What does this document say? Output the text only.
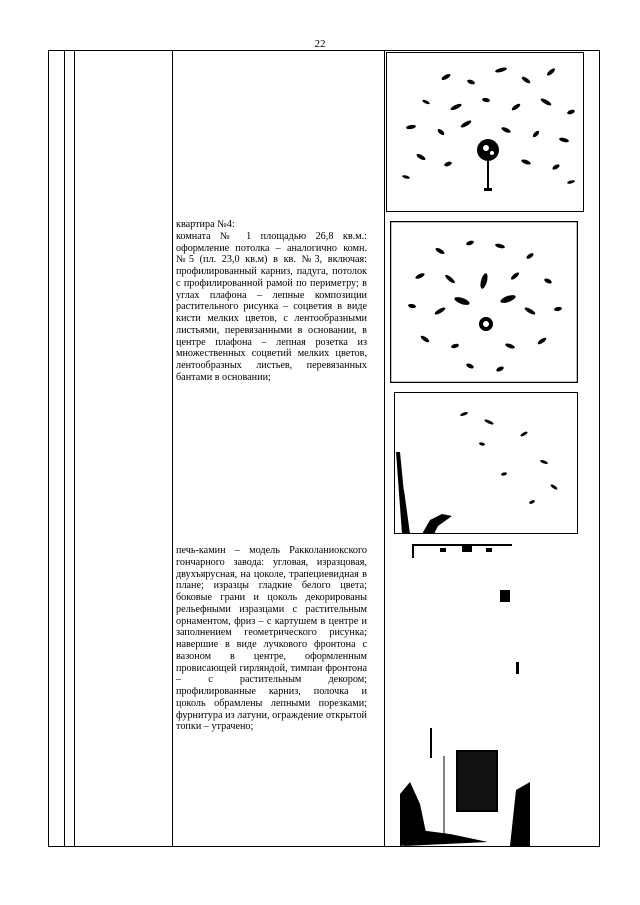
22

квартира №4:

комната № 1 площадью 26,8 кв.м.: оформление потолка – аналогично комн. №5 (пл. 23,0 кв.м) в кв. №3, включая: профилированный карниз, падуга, потолок с профилированной рамой по периметру; в углах плафона – лепные композиции растительного рисунка – соцветия в виде кисти мелких цветов, с лентообразными листьями, перевязанными в основании, в центре плафона – лепная розетка из множественных соцветий мелких цветов, лентообразных листьев, перевязанных бантами в основании;

печь-камин – модель Ракколаниокского гончарного завода: угловая, изразцовая, двухъярусная, на цоколе, трапециевидная в плане; изразцы гладкие белого цвета; боковые грани и цоколь декорированы рельефными изразцами с растительным орнаментом, фриз – с картушем в центре и заполнением геометрического рисунка; навершие в виде лучкового фронтона с вазоном в центре, оформленным провисающей гирляндой, тимпан фронтона – с растительным декором; профилированные карниз, полочка и цоколь обрамлены лепными порезками; фурнитура из латуни, ограждение открытой топки – утрачено;
